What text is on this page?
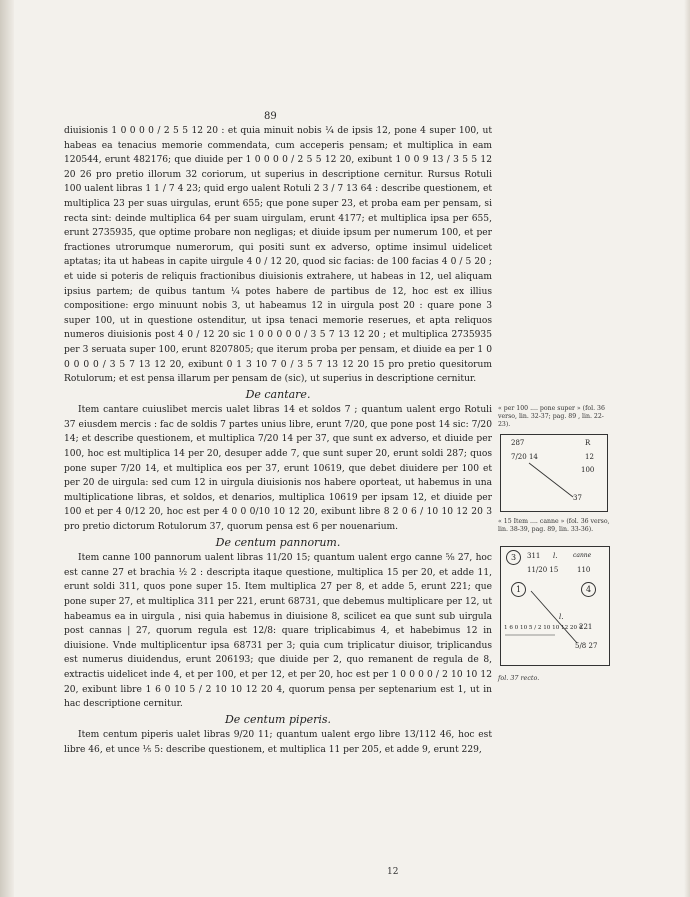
89

diuisionis 1 0 0 0 0 / 2 5 5 12 20 : et quia minuit nobis ¼ de ipsis 12, pone 4 super 100, ut habeas ea tenacius memorie commendata, cum acceperis pensam; et multiplica in eam 120544, erunt 482176; que diuide per 1 0 0 0 0 / 2 5 5 12 20, exibunt 1 0 0 9 13 / 3 5 5 12 20 26 pro pretio illorum 32 coriorum, ut superius in descriptione cernitur. Rursus Rotuli 100 ualent libras 1 1 / 7 4 23; quid ergo ualent Rotuli 2 3 / 7 13 64 : describe questionem, et multiplica 23 per suas uirgulas, erunt 655; que pone super 23, et proba eam per pensam, si recta sint: deinde multiplica 64 per suam uirgulam, erunt 4177; et multiplica ipsa per 655, erunt 2735935, que optime probare non negligas; et diuide ipsum per numerum 100, et per fractiones utrorumque numerorum, qui positi sunt ex adverso, optime insimul uidelicet aptatas; ita ut habeas in capite uirgule 4 0 / 12 20, quod sic facias: de 100 facias 4 0 / 5 20 ; et uide si poteris de reliquis fractionibus diuisionis extrahere, ut habeas in 12, uel aliquam ipsius partem; de quibus tantum ¼ potes habere de partibus de 12, hoc est ex illius compositione: ergo minuunt nobis 3, ut habeamus 12 in uirgula post 20 : quare pone 3 super 100, ut in questione ostenditur, ut ipsa tenaci memorie reserues, et apta reliquos numeros diuisionis post 4 0 / 12 20 sic 1 0 0 0 0 0 / 3 5 7 13 12 20 ; et multiplica 2735935 per 3 seruata super 100, erunt 8207805; que iterum proba per pensam, et diuide ea per 1 0 0 0 0 0 / 3 5 7 13 12 20, exibunt 0 1 3 10 7 0 / 3 5 7 13 12 20 15 pro pretio quesitorum Rotulorum; et est pensa illarum per pensam de (sic), ut superius in descriptione cernitur.

De cantare.

Item cantare cuiuslibet mercis ualet libras 14 et soldos 7 ; quantum ualent ergo Rotuli 37 eiusdem mercis : fac de soldis 7 partes unius libre, erunt 7/20, que pone post 14 sic: 7/20 14; et describe questionem, et multiplica 7/20 14 per 37, que sunt ex adverso, et diuide per 100, hoc est multiplica 14 per 20, desuper adde 7, que sunt super 20, erunt soldi 287; quos pone super 7/20 14, et multiplica eos per 37, erunt 10619, que debet diuidere per 100 et per 20 de uirgula: sed cum 12 in uirgula diuisionis nos habere oporteat, ut habemus in una multiplicatione libras, et soldos, et denarios, multiplica 10619 per ipsam 12, et diuide per 100 et per 4 0/12 20, hoc est per 4 0 0 0/10 10 12 20, exibunt libre 8 2 0 6 / 10 10 12 20 3 pro pretio dictorum Rotulorum 37, quorum pensa est 6 per nouenarium.

De centum pannorum.

Item canne 100 pannorum ualent libras 11/20 15; quantum ualent ergo canne ⅝ 27, hoc est canne 27 et brachia ½ 2 : descripta itaque questione, multiplica 15 per 20, et adde 11, erunt soldi 311, quos pone super 15. Item multiplica 27 per 8, et adde 5, erunt 221; que pone super 27, et multiplica 311 per 221, erunt 68731, que debemus multiplicare per 12, ut habeamus ea in uirgula , nisi quia habemus in diuisione 8, scilicet ea que sunt sub uirgula post cannas | 27, quorum regula est 12/8: quare triplicabimus 4, et habebimus 12 in diuisione. Vnde multiplicentur ipsa 68731 per 3; quia cum triplicatur diuisor, triplicandus est numerus diuidendus, erunt 206193; que diuide per 2, quo remanent de regula de 8, extractis uidelicet inde 4, et per 100, et per 12, et per 20, hoc est per 1 0 0 0 0 / 2 10 10 12 20, exibunt libre 1 6 0 10 5 / 2 10 10 12 20 4, quorum pensa per septenarium est 1, ut in hac descriptione cernitur.

De centum piperis.

Item centum piperis ualet libras 9/20 11; quantum ualent ergo libre 13/112 46, hoc est libre 46, et unce ⅕ 5: describe questionem, et multiplica 11 per 205, et adde 9, erunt 229,

12
« per 100 .... pone super » (fol. 36 verso, lin. 32-37; pag. 89 , lin. 22-23).
287	R
7/20 14	12
100
37
« 15 Item .... canne » (fol. 36 verso, lin. 38-39, pag. 89, lin. 33-36).
3	311 l.	canne
11/20 15	110
1	4
l.
221
1 6 0 10 5 / 2 10 10 12 20 4
5/8 27
fol. 37 recto.
